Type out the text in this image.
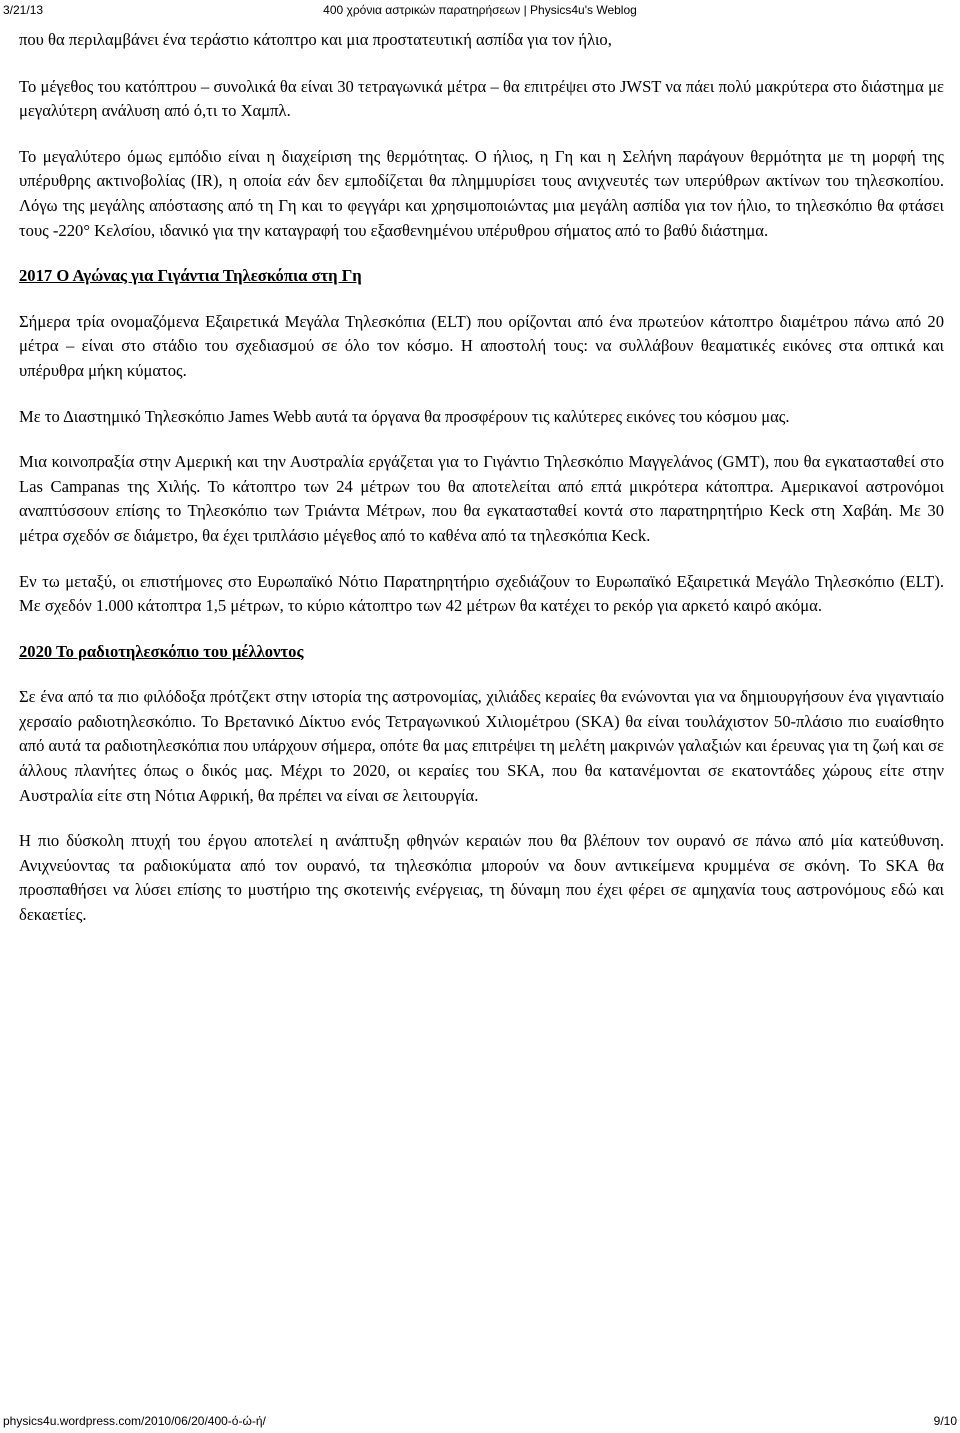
3/21/13	400 χρόνια αστρικών παρατηρήσεων | Physics4u's Weblog

που θα περιλαμβάνει ένα τεράστιο κάτοπτρο και μια προστατευτική ασπίδα για τον ήλιο,

Το μέγεθος του κατόπτρου – συνολικά θα είναι 30 τετραγωνικά μέτρα – θα επιτρέψει στο JWST να πάει πολύ μακρύτερα στο διάστημα με μεγαλύτερη ανάλυση από ό,τι το Χαμπλ.

Το μεγαλύτερο όμως εμπόδιο είναι η διαχείριση της θερμότητας. Ο ήλιος, η Γη και η Σελήνη παράγουν θερμότητα με τη μορφή της υπέρυθρης ακτινοβολίας (IR), η οποία εάν δεν εμποδίζεται θα πλημμυρίσει τους ανιχνευτές των υπερύθρων ακτίνων του τηλεσκοπίου. Λόγω της μεγάλης απόστασης από τη Γη και το φεγγάρι και χρησιμοποιώντας μια μεγάλη ασπίδα για τον ήλιο, το τηλεσκόπιο θα φτάσει τους -220° Κελσίου, ιδανικό για την καταγραφή του εξασθενημένου υπέρυθρου σήματος από το βαθύ διάστημα.

2017 Ο Αγώνας για Γιγάντια Τηλεσκόπια στη Γη

Σήμερα τρία ονομαζόμενα Εξαιρετικά Μεγάλα Τηλεσκόπια (ELT) που ορίζονται από ένα πρωτεύον κάτοπτρο διαμέτρου πάνω από 20 μέτρα – είναι στο στάδιο του σχεδιασμού σε όλο τον κόσμο. Η αποστολή τους: να συλλάβουν θεαματικές εικόνες στα οπτικά και υπέρυθρα μήκη κύματος.

Με το Διαστημικό Τηλεσκόπιο James Webb αυτά τα όργανα θα προσφέρουν τις καλύτερες εικόνες του κόσμου μας.

Μια κοινοπραξία στην Αμερική και την Αυστραλία εργάζεται για το Γιγάντιο Τηλεσκόπιο Μαγγελάνος (GMT), που θα εγκατασταθεί στο Las Campanas της Χιλής. Το κάτοπτρο των 24 μέτρων του θα αποτελείται από επτά μικρότερα κάτοπτρα. Αμερικανοί αστρονόμοι αναπτύσσουν επίσης το Τηλεσκόπιο των Τριάντα Μέτρων, που θα εγκατασταθεί κοντά στο παρατηρητήριο Keck στη Χαβάη. Με 30 μέτρα σχεδόν σε διάμετρο, θα έχει τριπλάσιο μέγεθος από το καθένα από τα τηλεσκόπια Keck.

Εν τω μεταξύ, οι επιστήμονες στο Ευρωπαϊκό Νότιο Παρατηρητήριο σχεδιάζουν το Ευρωπαϊκό Εξαιρετικά Μεγάλο Τηλεσκόπιο (ELT). Με σχεδόν 1.000 κάτοπτρα 1,5 μέτρων, το κύριο κάτοπτρο των 42 μέτρων θα κατέχει το ρεκόρ για αρκετό καιρό ακόμα.

2020 Το ραδιοτηλεσκόπιο του μέλλοντος

Σε ένα από τα πιο φιλόδοξα πρότζεκτ στην ιστορία της αστρονομίας, χιλιάδες κεραίες θα ενώνονται για να δημιουργήσουν ένα γιγαντιαίο χερσαίο ραδιοτηλεσκόπιο. Το Βρετανικό Δίκτυο ενός Τετραγωνικού Χιλιομέτρου (SKA) θα είναι τουλάχιστον 50-πλάσιο πιο ευαίσθητο από αυτά τα ραδιοτηλεσκόπια που υπάρχουν σήμερα, οπότε θα μας επιτρέψει τη μελέτη μακρινών γαλαξιών και έρευνας για τη ζωή και σε άλλους πλανήτες όπως ο δικός μας. Μέχρι το 2020, οι κεραίες του SKA, που θα κατανέμονται σε εκατοντάδες χώρους είτε στην Αυστραλία είτε στη Νότια Αφρική, θα πρέπει να είναι σε λειτουργία.

Η πιο δύσκολη πτυχή του έργου αποτελεί η ανάπτυξη φθηνών κεραιών που θα βλέπουν τον ουρανό σε πάνω από μία κατεύθυνση. Ανιχνεύοντας τα ραδιοκύματα από τον ουρανό, τα τηλεσκόπια μπορούν να δουν αντικείμενα κρυμμένα σε σκόνη. Το SKA θα προσπαθήσει να λύσει επίσης το μυστήριο της σκοτεινής ενέργειας, τη δύναμη που έχει φέρει σε αμηχανία τους αστρονόμους εδώ και δεκαετίες.

physics4u.wordpress.com/2010/06/20/400-ό-ώ-ή/	9/10
